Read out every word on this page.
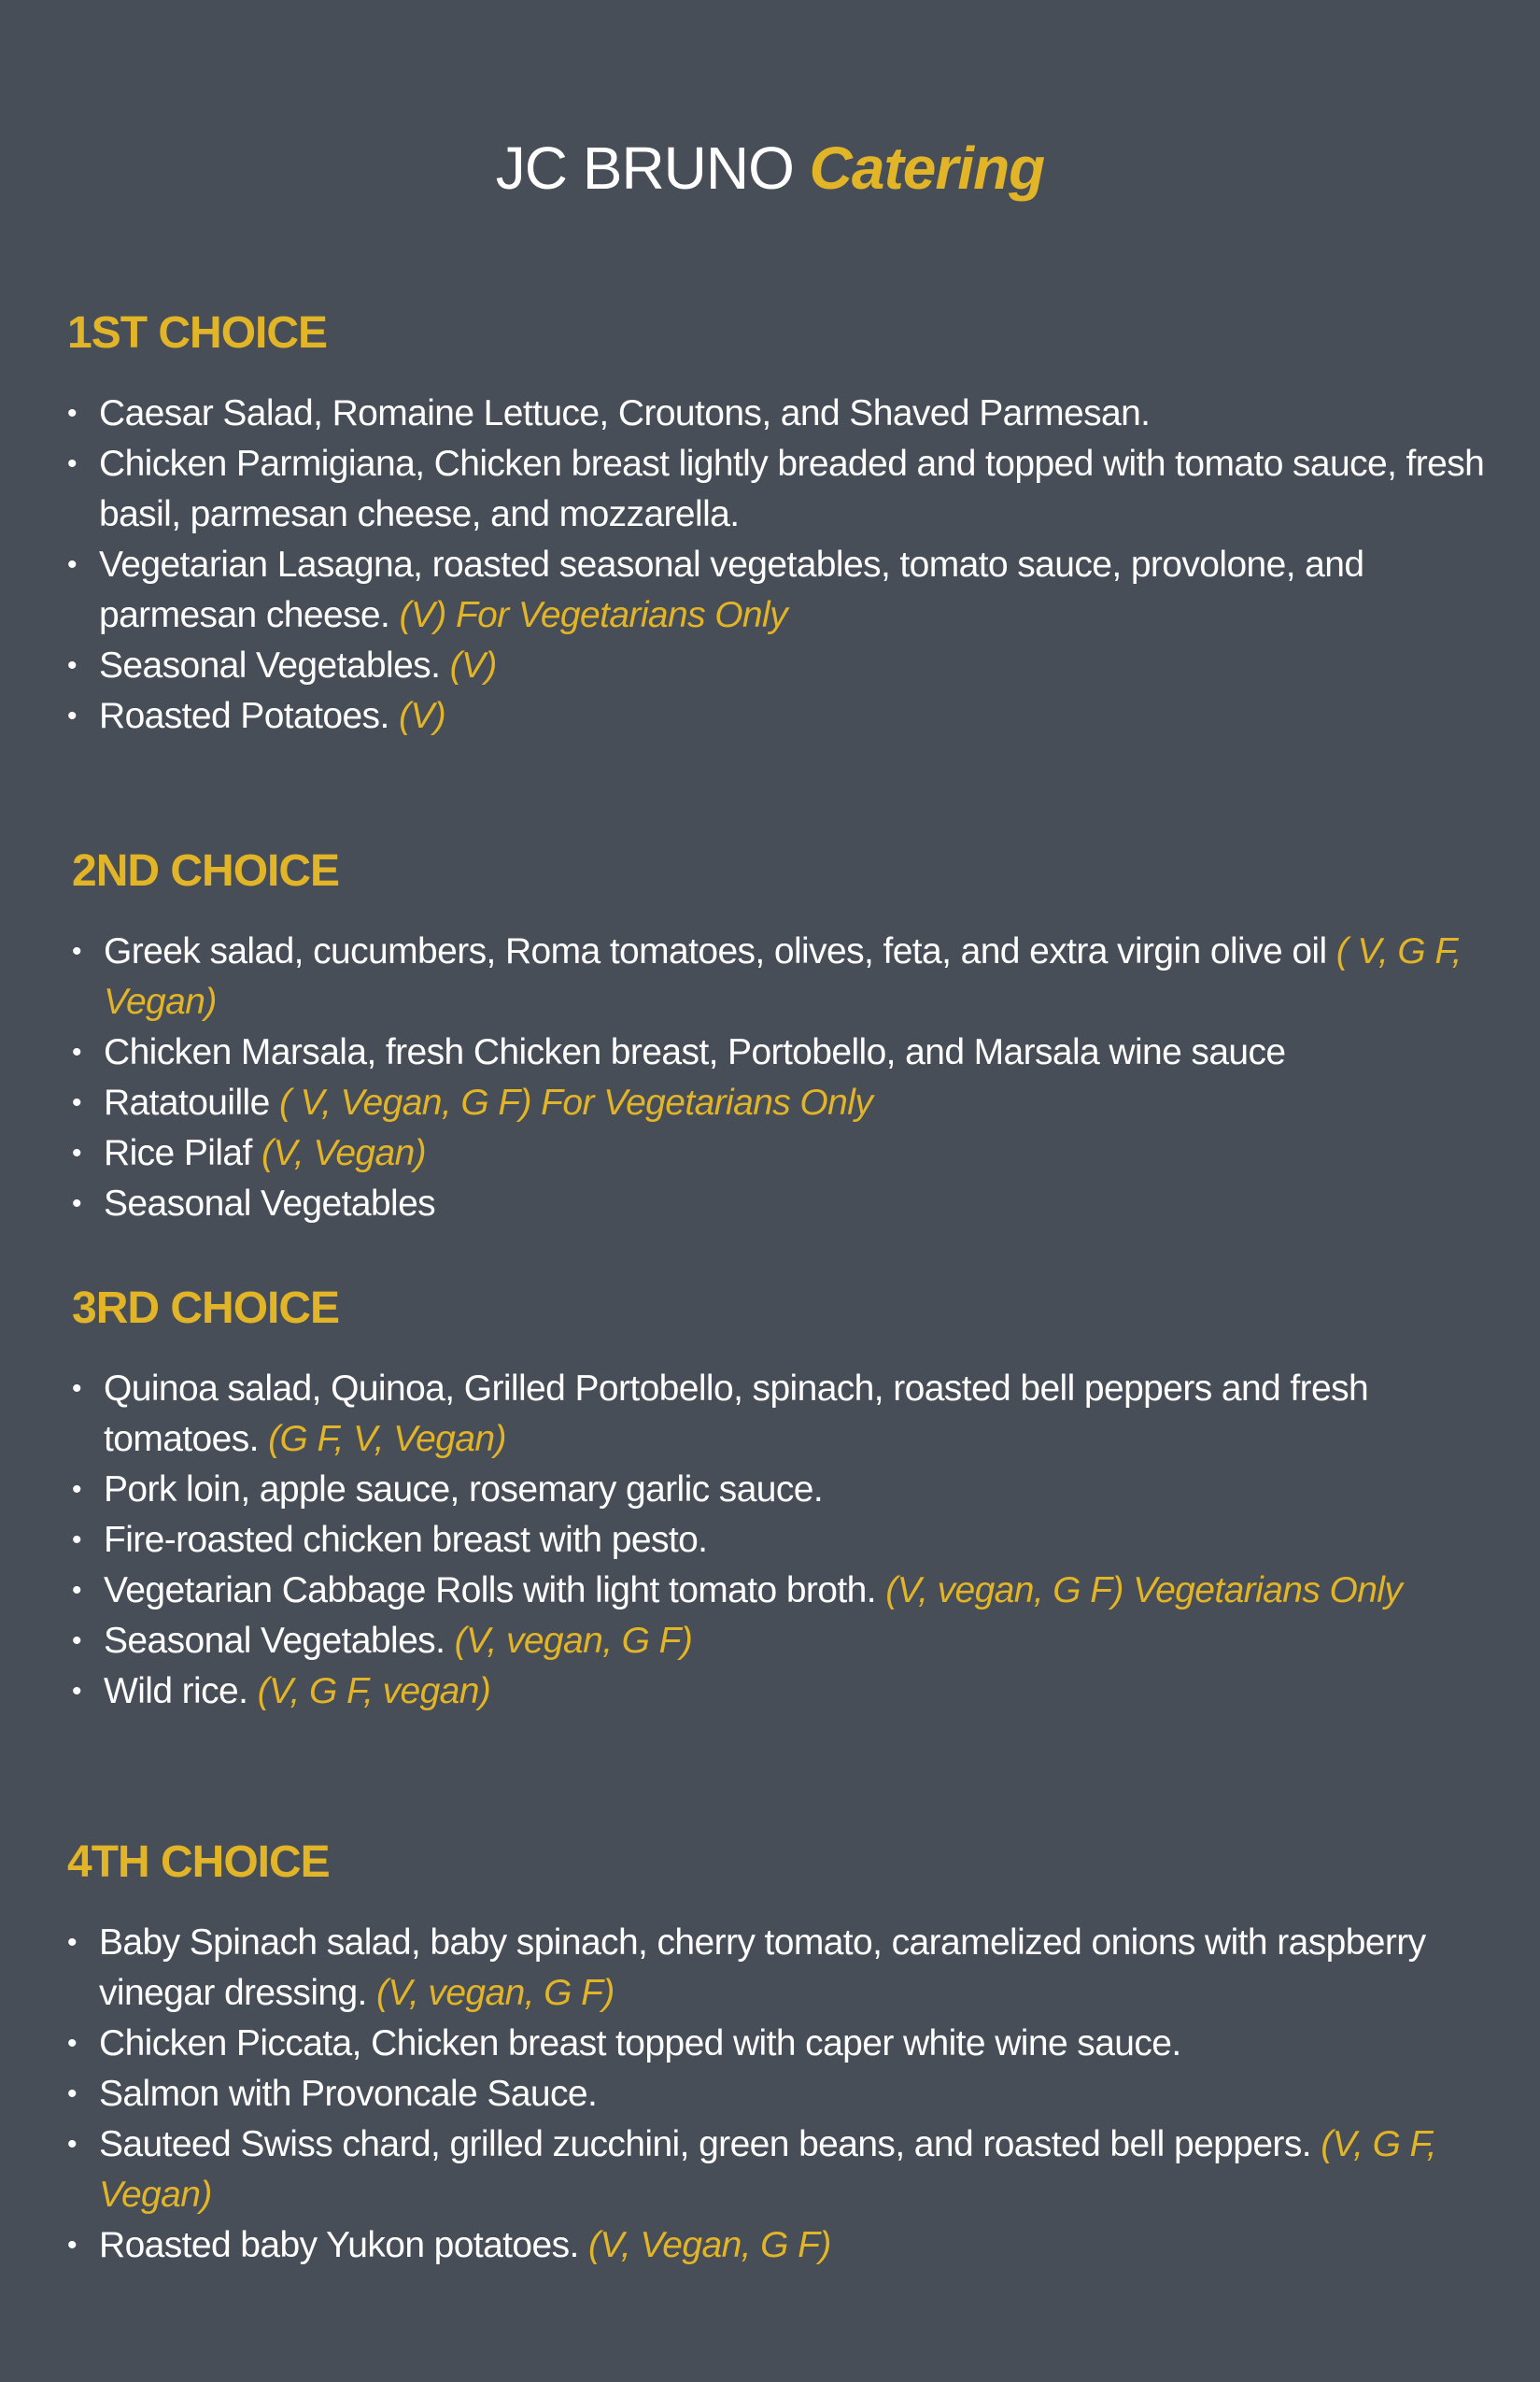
JC BRUNO Catering
1ST CHOICE
• Caesar Salad, Romaine Lettuce, Croutons, and Shaved Parmesan.
• Chicken Parmigiana, Chicken breast lightly breaded and topped with tomato sauce, fresh basil, parmesan cheese, and mozzarella.
• Vegetarian Lasagna, roasted seasonal vegetables, tomato sauce, provolone, and parmesan cheese. (V) For Vegetarians Only
• Seasonal Vegetables. (V)
• Roasted Potatoes. (V)
2ND CHOICE
• Greek salad, cucumbers, Roma tomatoes, olives, feta, and extra virgin olive oil ( V, G F, Vegan)
• Chicken Marsala, fresh Chicken breast, Portobello, and Marsala wine sauce
• Ratatouille ( V, Vegan, G F) For Vegetarians Only
• Rice Pilaf (V, Vegan)
• Seasonal Vegetables
3RD CHOICE
• Quinoa salad, Quinoa, Grilled Portobello, spinach, roasted bell peppers and fresh tomatoes. (G F, V, Vegan)
• Pork loin, apple sauce, rosemary garlic sauce.
• Fire-roasted chicken breast with pesto.
• Vegetarian Cabbage Rolls with light tomato broth. (V, vegan, G F) Vegetarians Only
• Seasonal Vegetables. (V, vegan, G F)
• Wild rice. (V, G F, vegan)
4TH CHOICE
• Baby Spinach salad, baby spinach, cherry tomato, caramelized onions with raspberry vinegar dressing. (V, vegan, G F)
• Chicken Piccata, Chicken breast topped with caper white wine sauce.
• Salmon with Provoncale Sauce.
• Sauteed Swiss chard, grilled zucchini, green beans, and roasted bell peppers. (V, G F, Vegan)
• Roasted baby Yukon potatoes. (V, Vegan, G F)
